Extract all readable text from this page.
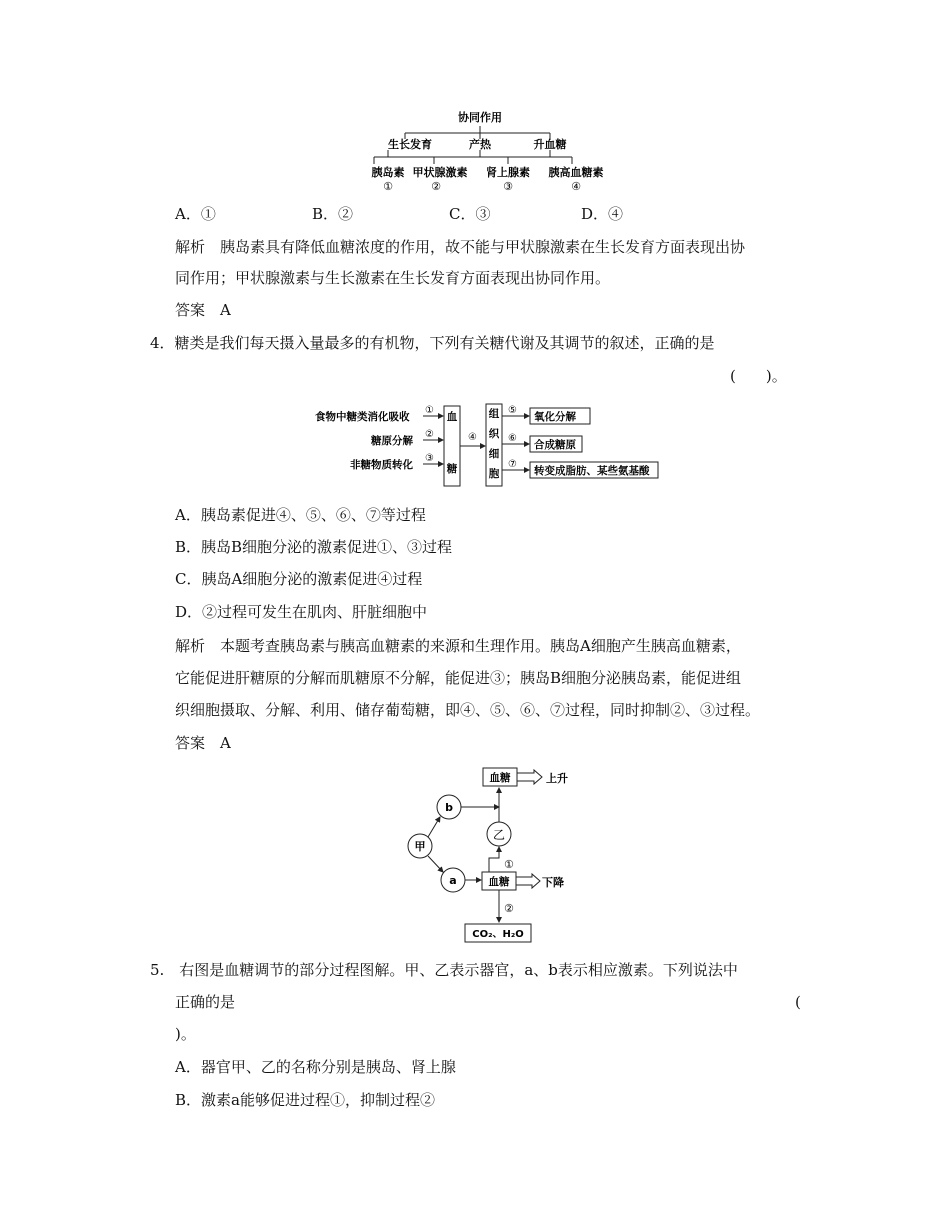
协同作用
生长发育	产热	升血糖
胰岛素 甲状腺激素 肾上腺素 胰高血糖素
①	②	③	④
A．①	B．②	C．③	D．④
解析　胰岛素具有降低血糖浓度的作用，故不能与甲状腺激素在生长发育方面表现出协
同作用；甲状腺激素与生长激素在生长发育方面表现出协同作用。
答案　A
4．糖类是我们每天摄入量最多的有机物，下列有关糖代谢及其调节的叙述，正确的是
(　　)。
食物中糖类消化吸收
糖原分解
非糖物质转化
①
②
③
血
糖
④
组
织
细
胞
⑤
⑥
⑦
氧化分解
合成糖原
转变成脂肪、某些氨基酸
A．胰岛素促进④、⑤、⑥、⑦等过程
B．胰岛B细胞分泌的激素促进①、③过程
C．胰岛A细胞分泌的激素促进④过程
D．②过程可发生在肌肉、肝脏细胞中
解析　本题考查胰岛素与胰高血糖素的来源和生理作用。胰岛A细胞产生胰高血糖素，
它能促进肝糖原的分解而肌糖原不分解，能促进③；胰岛B细胞分泌胰岛素，能促进组
织细胞摄取、分解、利用、储存葡萄糖，即④、⑤、⑥、⑦过程，同时抑制②、③过程。
答案　A
血糖	上升
b
乙
甲
a
①
血糖	下降
②
CO₂、H₂O
5.　右图是血糖调节的部分过程图解。甲、乙表示器官，a、b表示相应激素。下列说法中
正确的是	(
)。
A．器官甲、乙的名称分别是胰岛、肾上腺
B．激素a能够促进过程①，抑制过程②
